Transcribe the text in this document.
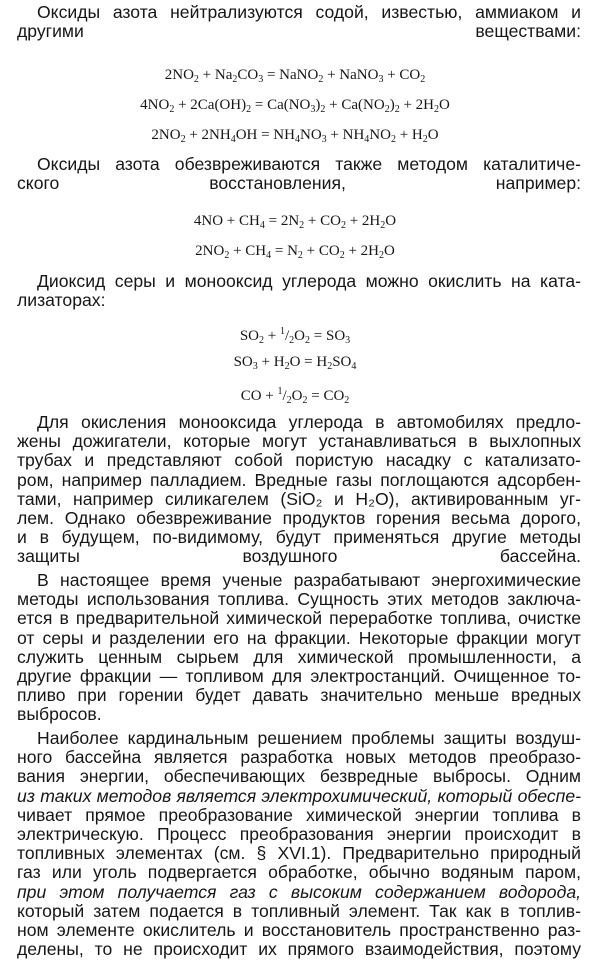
Оксиды азота нейтрализуются содой, известью, аммиаком и
другими веществами:
$2NO_2 + Na_2CO_3$ = NaNO$_2$ + NaNO$_3$ + $CO_2$
$4NO_2 + 2Ca(OH)_2 = Ca(NO_3)_2 + Ca(NO_2)_2 + 2H_2O$
$2NO_2 + 2NH_4OH = NH_4NO_3 + NH_4NO_2 + H_2O$
Оксиды азота обезвреживаются также методом каталитиче-
ского восстановления, например:
$4NO + CH_4 = 2N_2 + CO_2 + 2H_2O$
$2NO_2 + CH_4 = N_2 + CO_2 + 2H_2O$
Диоксид серы и монооксид углерода можно окислить на ката-
лизаторах:
$SO_2 + ^1/_2O_2 = SO_3$
$SO_3 + H_2O = H_2SO_4$
CO + $^1/_2O_2 = CO_2$
Для окисления монооксида углерода в автомобилях предло-
жены дожигатели, которые могут устанавливаться в выхлопных
трубах и представляют собой пористую насадку с катализато-
ром, например палладием. Вредные газы поглощаются адсорбен-
тами, например силикагелем (SiO₂ и H₂O), активированным уг-
лем. Однако обезвреживание продуктов горения весьма дорого,
и в будущем, по-видимому, будут применяться другие методы
защиты воздушного бассейна.
В настоящее время ученые разрабатывают энергохимические
методы использования топлива. Сущность этих методов заключа-
ется в предварительной химической переработке топлива, очистке
от серы и разделении его на фракции. Некоторые фракции могут
служить ценным сырьем для химической промышленности, а
другие фракции — топливом для электростанций. Очищенное то-
пливо при горении будет давать значительно меньше вредных
выбросов.
Наиболее кардинальным решением проблемы защиты воздуш-
ного бассейна является разработка новых методов преобразо-
вания энергии, обеспечивающих безвредные выбросы. Одним
из таких методов является электрохимический, который обеспе-
чивает прямое преобразование химической энергии топлива в
электрическую. Процесс преобразования энергии происходит в
топливных элементах (см. § XVI.1). Предварительно природный
газ или уголь подвергается обработке, обычно водяным паром,
при этом получается газ с высоким содержанием водорода,
который затем подается в топливный элемент. Так как в топлив-
ном элементе окислитель и восстановитель пространственно раз-
делены, то не происходит их прямого взаимодействия, поэтому
